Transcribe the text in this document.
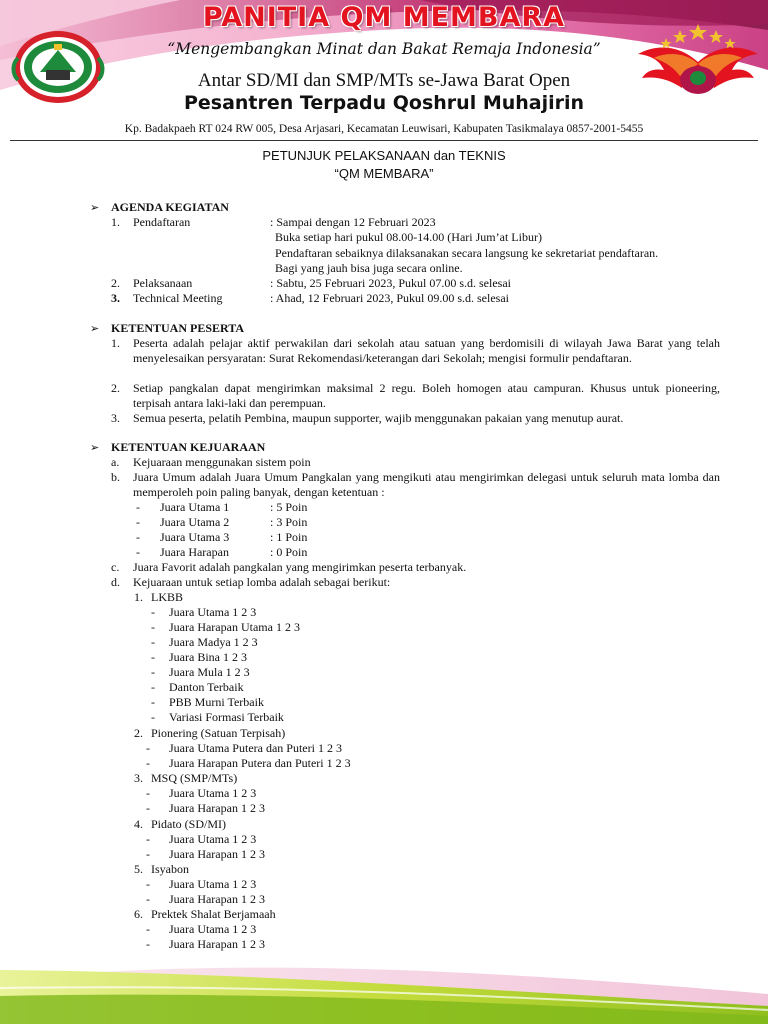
PANITIA QM MEMBARA
“Mengembangkan Minat dan Bakat Remaja Indonesia”
Antar SD/MI dan SMP/MTs se-Jawa Barat Open
Pesantren Terpadu Qoshrul Muhajirin
Kp. Badakpaeh RT 024 RW 005, Desa Arjasari, Kecamatan Leuwisari, Kabupaten Tasikmalaya 0857-2001-5455
PETUNJUK PELAKSANAAN dan TEKNIS
“QM MEMBARA”
➢ AGENDA KEGIATAN
1. Pendaftaran	: Sampai dengan 12 Februari 2023
Buka setiap hari pukul 08.00-14.00 (Hari Jum’at Libur)
Pendaftaran sebaiknya dilaksanakan secara langsung ke sekretariat pendaftaran.
Bagi yang jauh bisa juga secara online.
2. Pelaksanaan	: Sabtu, 25 Februari 2023, Pukul 07.00 s.d. selesai
3. Technical Meeting	: Ahad, 12 Februari 2023, Pukul 09.00 s.d. selesai
➢ KETENTUAN PESERTA
1. Peserta adalah pelajar aktif perwakilan dari sekolah atau satuan yang berdomisili di wilayah Jawa Barat yang telah menyelesaikan persyaratan: Surat Rekomendasi/keterangan dari Sekolah; mengisi formulir pendaftaran.
2. Setiap pangkalan dapat mengirimkan maksimal 2 regu. Boleh homogen atau campuran. Khusus untuk pioneering, terpisah antara laki-laki dan perempuan.
3. Semua peserta, pelatih Pembina, maupun supporter, wajib menggunakan pakaian yang menutup aurat.
➢ KETENTUAN KEJUARAAN
a. Kejuaraan menggunakan sistem poin
b. Juara Umum adalah Juara Umum Pangkalan yang mengikuti atau mengirimkan delegasi untuk seluruh mata lomba dan memperoleh poin paling banyak, dengan ketentuan :
- Juara Utama 1	: 5 Poin
- Juara Utama 2	: 3 Poin
- Juara Utama 3	: 1 Poin
- Juara Harapan	: 0 Poin
c. Juara Favorit adalah pangkalan yang mengirimkan peserta terbanyak.
d. Kejuaraan untuk setiap lomba adalah sebagai berikut:
1. LKBB
- Juara Utama 1 2 3
- Juara Harapan Utama 1 2 3
- Juara Madya 1 2 3
- Juara Bina 1 2 3
- Juara Mula 1 2 3
- Danton Terbaik
- PBB Murni Terbaik
- Variasi Formasi Terbaik
2. Pionering (Satuan Terpisah)
- Juara Utama Putera dan Puteri 1 2 3
- Juara Harapan Putera dan Puteri 1 2 3
3. MSQ (SMP/MTs)
- Juara Utama 1 2 3
- Juara Harapan 1 2 3
4. Pidato (SD/MI)
- Juara Utama 1 2 3
- Juara Harapan 1 2 3
5. Isyabon
- Juara Utama 1 2 3
- Juara Harapan 1 2 3
6. Prektek Shalat Berjamaah
- Juara Utama 1 2 3
- Juara Harapan 1 2 3
